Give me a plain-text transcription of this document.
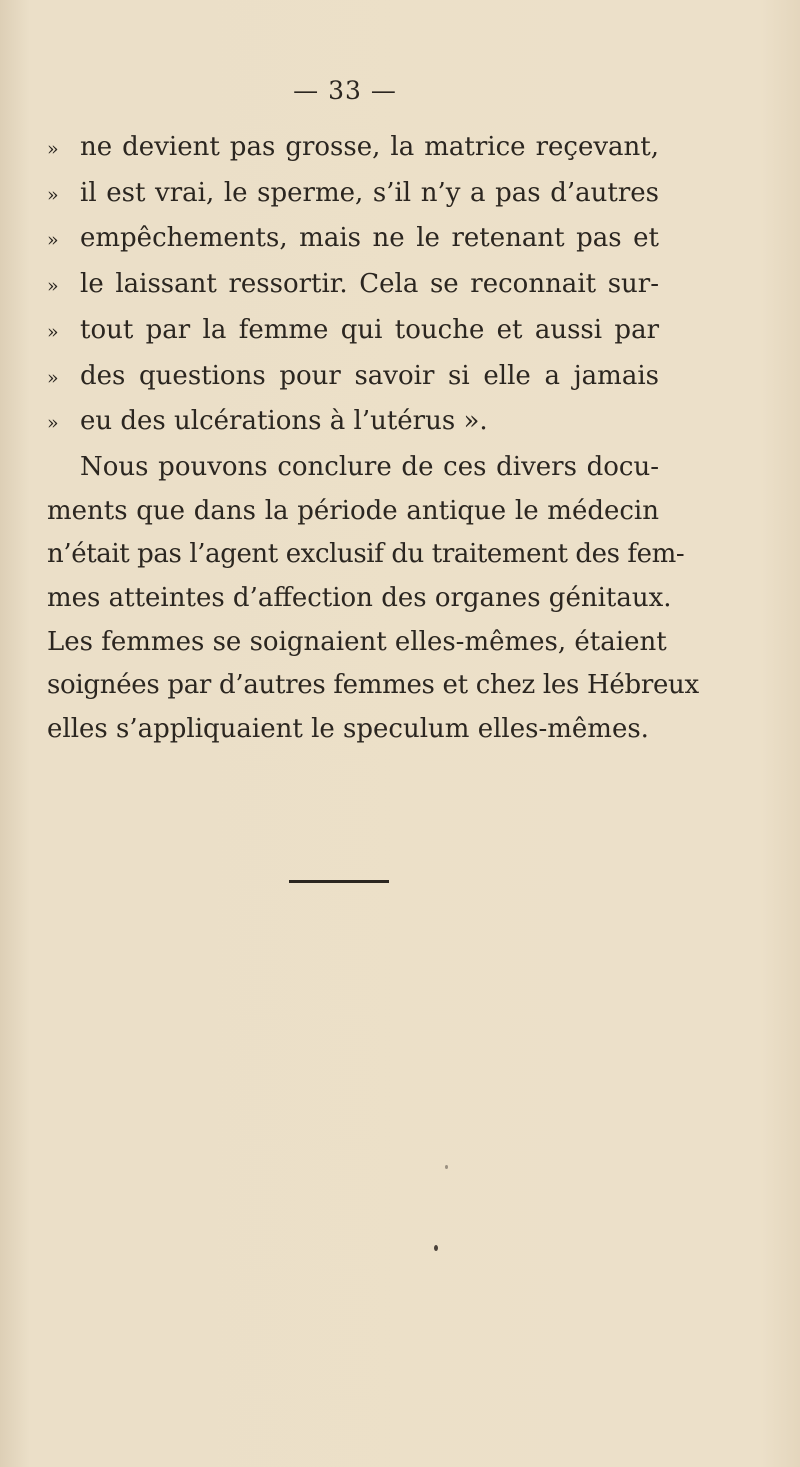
— 33 —
» ne devient pas grosse, la matrice reçevant,
» il est vrai, le sperme, s’il n’y a pas d’autres
» empêchements, mais ne le retenant pas et
» le laissant ressortir. Cela se reconnait sur-
» tout par la femme qui touche et aussi par
» des questions pour savoir si elle a jamais
» eu des ulcérations à l’utérus ».
Nous pouvons conclure de ces divers docu-
ments que dans la période antique le médecin
n’était pas l’agent exclusif du traitement des fem-
mes atteintes d’affection des organes génitaux.
Les femmes se soignaient elles-mêmes, étaient
soignées par d’autres femmes et chez les Hébreux
elles s’appliquaient le speculum elles-mêmes.
